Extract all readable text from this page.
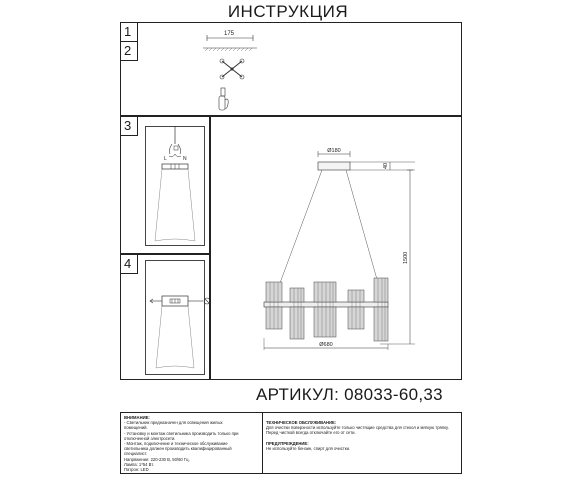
ИНСТРУКЦИЯ
1
2
175
3
L	N
4
Ø180
40
1500
Ø680
АРТИКУЛ: 08033-60,33
ВНИМАНИЕ:
- Светильник предназначен для освещения жилых
помещений.
- Установку и монтаж светильника производить только при
отключенной электросети.
- Монтаж, подключение и техническое обслуживание
светильника должен производить квалифицированный
специалист.
Напряжение: 220-230 В, 50/60 Гц.
Лампа: 1*54 Вт.
Патрон: LED
ТЕХНИЧЕСКОЕ ОБСЛУЖИВАНИЕ:
Для очистки поверхности используйте только чистящие средства для стекол и мягкую тряпку.
Перед чисткой всегда отключайте его от сети.
ПРЕДУПРЕЖДЕНИЕ:
Не используйте бензин, спирт для очистки.
